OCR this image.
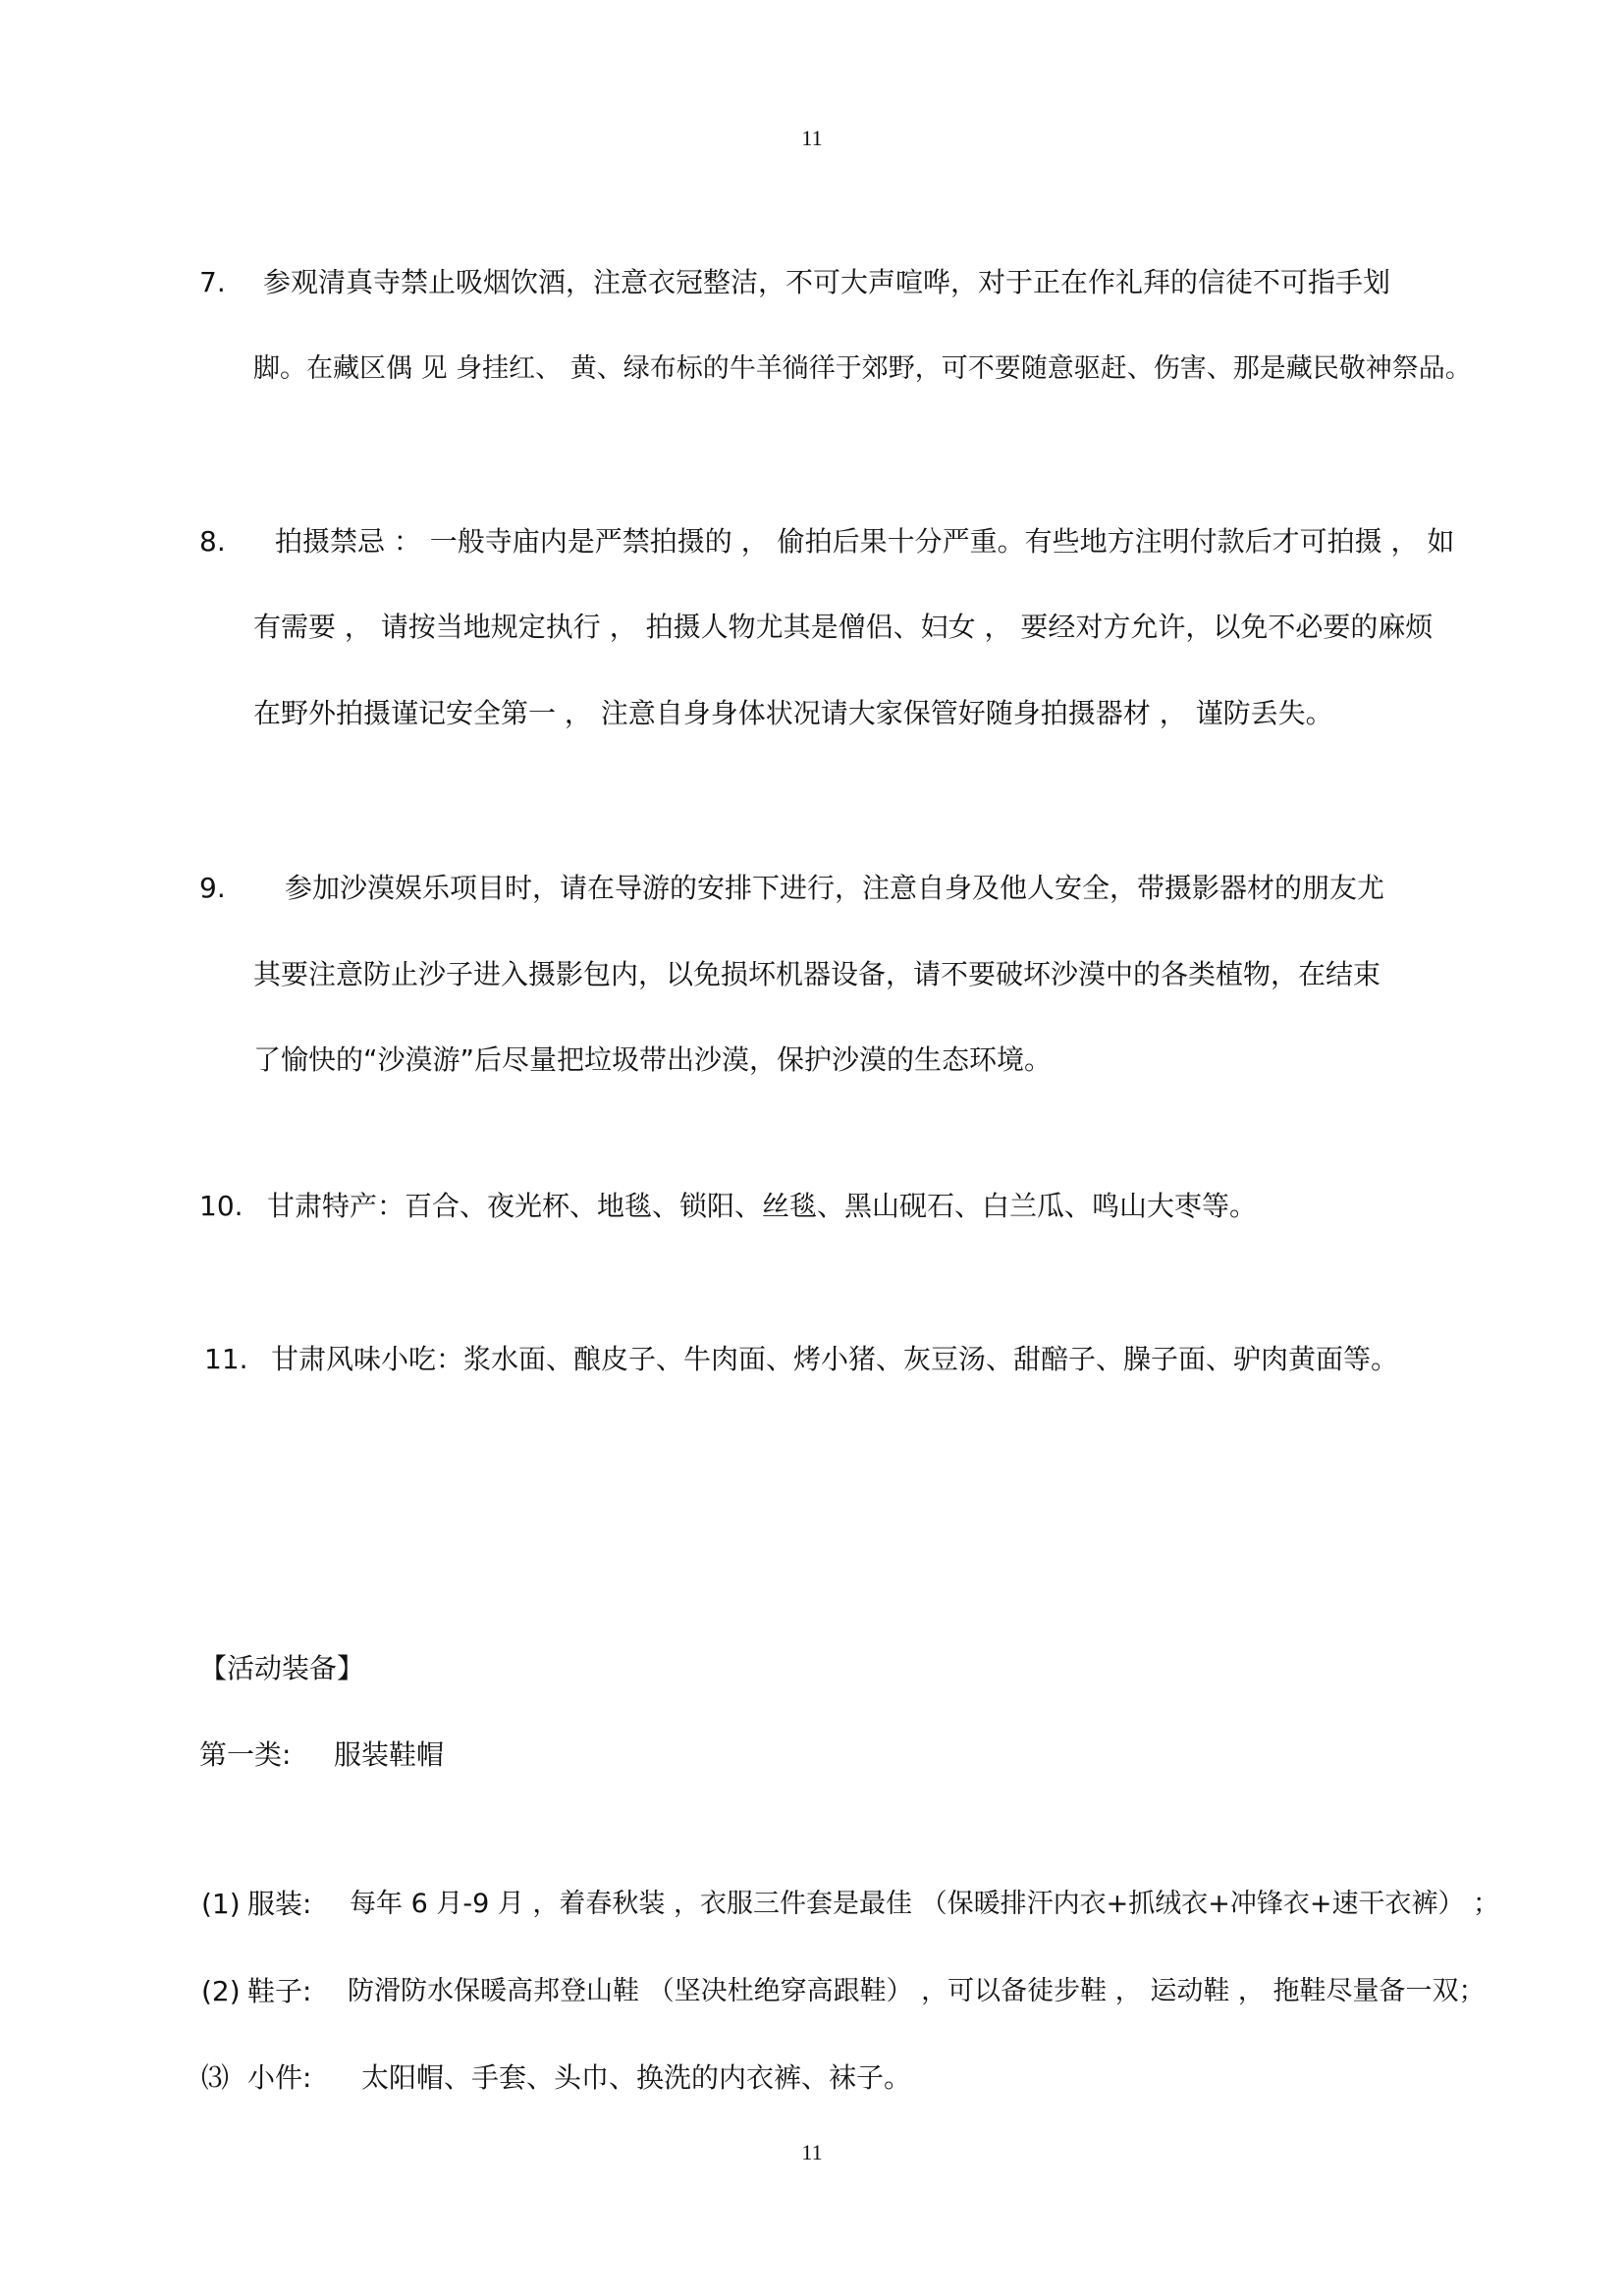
11
7. 参观清真寺禁止吸烟饮酒，注意衣冠整洁，不可大声喧哗，对于正在作礼拜的信徒不可指手划
脚。在藏区偶 见 身挂红、 黄、绿布标的牛羊徜徉于郊野，可不要随意驱赶、伤害、那是藏民敬神祭品。
8. 拍摄禁忌 ： 一般寺庙内是严禁拍摄的 ， 偷拍后果十分严重。有些地方注明付款后才可拍摄 ， 如
有需要 ， 请按当地规定执行 ， 拍摄人物尤其是僧侣、妇女 ， 要经对方允许，以免不必要的麻烦
在野外拍摄谨记安全第一 ， 注意自身身体状况请大家保管好随身拍摄器材 ， 谨防丢失。
9. 参加沙漠娱乐项目时，请在导游的安排下进行，注意自身及他人安全，带摄影器材的朋友尤
其要注意防止沙子进入摄影包内，以免损坏机器设备，请不要破坏沙漠中的各类植物，在结束
了愉快的“沙漠游”后尽量把垃圾带出沙漠，保护沙漠的生态环境。
10. 甘肃特产：百合、夜光杯、地毯、锁阳、丝毯、黑山砚石、白兰瓜、鸣山大枣等。
11. 甘肃风味小吃：浆水面、酿皮子、牛肉面、烤小猪、灰豆汤、甜醅子、臊子面、驴肉黄面等。
【活动装备】
第一类: 服装鞋帽
(1) 服装: 每年 6 月-9 月 ，着春秋装 ，衣服三件套是最佳 （保暖排汗内衣+抓绒衣+冲锋衣+速干衣裤） ；
(2) 鞋子: 防滑防水保暖高邦登山鞋 （坚决杜绝穿高跟鞋） ，可以备徒步鞋 ， 运动鞋 ， 拖鞋尽量备一双；
⑶ 小件: 太阳帽、手套、头巾、换洗的内衣裤、袜子。
11
